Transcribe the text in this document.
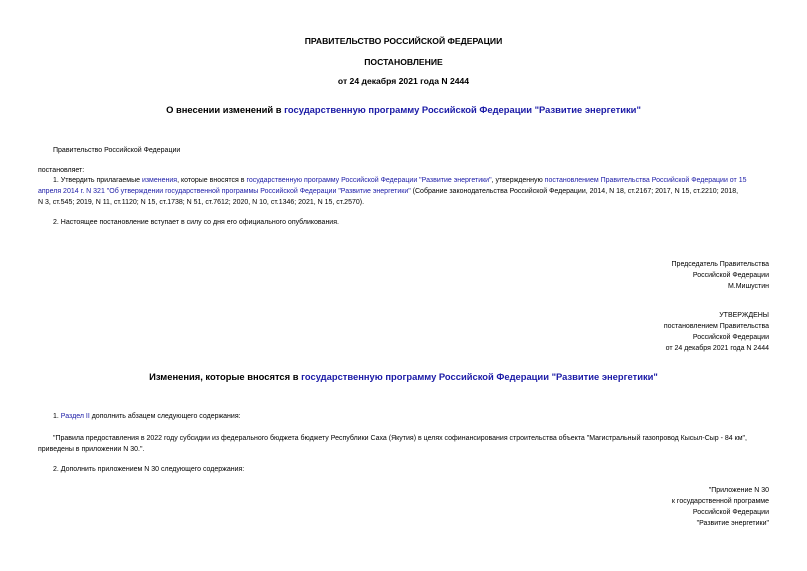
ПРАВИТЕЛЬСТВО РОССИЙСКОЙ ФЕДЕРАЦИИ
ПОСТАНОВЛЕНИЕ
от 24 декабря 2021 года N 2444
О внесении изменений в государственную программу Российской Федерации "Развитие энергетики"
Правительство Российской Федерации
постановляет:
1. Утвердить прилагаемые изменения, которые вносятся в государственную программу Российской Федерации "Развитие энергетики", утвержденную постановлением Правительства Российской Федерации от 15
апреля 2014 г. N 321 "Об утверждении государственной программы Российской Федерации "Развитие энергетики" (Собрание законодательства Российской Федерации, 2014, N 18, ст.2167; 2017, N 15, ст.2210; 2018,
N 3, ст.545; 2019, N 11, ст.1120; N 15, ст.1738; N 51, ст.7612; 2020, N 10, ст.1346; 2021, N 15, ст.2570).
2. Настоящее постановление вступает в силу со дня его официального опубликования.
Председатель Правительства
Российской Федерации
М.Мишустин
УТВЕРЖДЕНЫ
постановлением Правительства
Российской Федерации
от 24 декабря 2021 года N 2444
Изменения, которые вносятся в государственную программу Российской Федерации "Развитие энергетики"
1. Раздел II дополнить абзацем следующего содержания:
"Правила предоставления в 2022 году субсидии из федерального бюджета бюджету Республики Саха (Якутия) в целях софинансирования строительства объекта "Магистральный газопровод Кысыл-Сыр - 84 км",
приведены в приложении N 30.".
2. Дополнить приложением N 30 следующего содержания:
"Приложение N 30
к государственной программе
Российской Федерации
"Развитие энергетики"
